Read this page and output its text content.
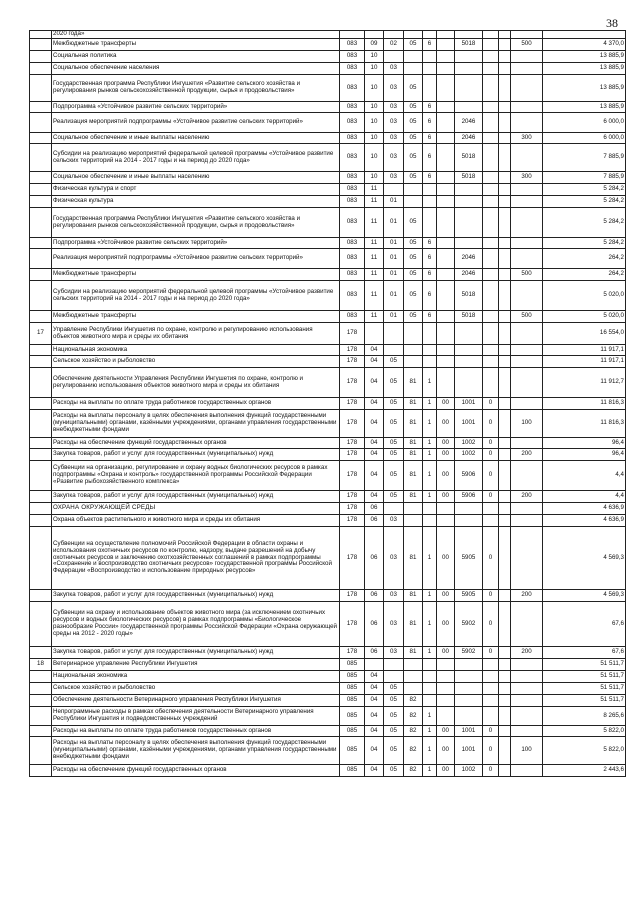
38
	2020 года»											
	Межбюджетные трансферты	083	09	02	05	6		5018			500	4 370,0
	Социальная политика	083	10									13 885,9
	Социальное обеспечение населения	083	10	03								13 885,9
	Государственная программа Республики Ингушетия «Развитие сельского хозяйства и регулирования рынков сельскохозяйственной продукции, сырья и продовольствия»	083	10	03	05							13 885,9
	Подпрограмма «Устойчивое развитие сельских территорий»	083	10	03	05	6						13 885,9
	Реализация мероприятий подпрограммы «Устойчивое развитие сельских территорий»	083	10	03	05	6		2046				6 000,0
	Социальное обеспечение и иные выплаты населению	083	10	03	05	6		2046			300	6 000,0
	Субсидии на реализацию мероприятий федеральной целевой программы «Устойчивое развитие сельских территорий на 2014 - 2017 годы и на период до 2020 года»	083	10	03	05	6		5018				7 885,9
	Социальное обеспечение и иные выплаты населению	083	10	03	05	6		5018			300	7 885,9
	Физическая культура и спорт	083	11									5 284,2
	Физическая культура	083	11	01								5 284,2
	Государственная программа Республики Ингушетия «Развитие сельского хозяйства и регулирования рынков сельскохозяйственной продукции, сырья и продовольствия»	083	11	01	05							5 284,2
	Подпрограмма «Устойчивое развитие сельских территорий»	083	11	01	05	6						5 284,2
	Реализация мероприятий подпрограммы «Устойчивое развитие сельских территорий»	083	11	01	05	6		2046				264,2
	Межбюджетные трансферты	083	11	01	05	6		2046			500	264,2
	Субсидии на реализацию мероприятий федеральной целевой программы «Устойчивое развитие сельских территорий на 2014 - 2017 годы и на период до 2020 года»	083	11	01	05	6		5018				5 020,0
	Межбюджетные трансферты	083	11	01	05	6		5018			500	5 020,0
17	Управление Республики Ингушетия по охране, контролю и регулированию использования объектов животного мира и среды их обитания	178										16 554,0
	Национальная экономика	178	04									11 917,1
	Сельское хозяйство и рыболовство	178	04	05								11 917,1
	Обеспечение деятельности Управления Республики Ингушетия по охране, контролю и регулированию использования объектов животного мира и среды их обитания	178	04	05	81	1						11 912,7
	Расходы на выплаты по оплате труда работников государственных органов	178	04	05	81	1	00	1001	0			11 816,3
	Расходы на выплаты персоналу в целях обеспечения выполнения функций государственными (муниципальными) органами, казёнными учреждениями, органами управления государственными внебюджетными фондами	178	04	05	81	1	00	1001	0		100	11 816,3
	Расходы на обеспечение функций государственных органов	178	04	05	81	1	00	1002	0			96,4
	Закупка товаров, работ и услуг для государственных (муниципальных) нужд	178	04	05	81	1	00	1002	0		200	96,4
	Субвенции на организацию, регулирование и охрану водных биологических ресурсов в рамках подпрограммы «Охрана и контроль» государственной программы Российской Федерации «Развитие рыбохозяйственного комплекса»	178	04	05	81	1	00	5906	0			4,4
	Закупка товаров, работ и услуг для государственных (муниципальных) нужд	178	04	05	81	1	00	5906	0		200	4,4
	ОХРАНА ОКРУЖАЮЩЕЙ СРЕДЫ	178	06									4 636,9
	Охрана объектов растительного и животного мира и среды их обитания	178	06	03								4 636,9
	Субвенции на осуществление полномочий Российской Федерации в области охраны и использования охотничьих ресурсов по контролю, надзору, выдаче разрешений на добычу охотничьих ресурсов и заключению охотхозяйственных соглашений в рамках подпрограммы «Сохранение и воспроизводство охотничьих ресурсов» государственной программы Российской Федерации «Воспроизводство и использование природных ресурсов»	178	06	03	81	1	00	5905	0			4 569,3
	Закупка товаров, работ и услуг для государственных (муниципальных) нужд	178	06	03	81	1	00	5905	0		200	4 569,3
	Субвенции на охрану и использование объектов животного мира (за исключением охотничьих ресурсов и водных биологических ресурсов) в рамках подпрограммы «Биологическое разнообразие России» государственной программы Российской Федерации «Охрана окружающей среды на 2012 - 2020 годы»	178	06	03	81	1	00	5902	0			67,6
	Закупка товаров, работ и услуг для государственных (муниципальных) нужд	178	06	03	81	1	00	5902	0		200	67,6
18	Ветеринарное управление Республики Ингушетия	085										51 511,7
	Национальная экономика	085	04									51 511,7
	Сельское хозяйство и рыболовство	085	04	05								51 511,7
	Обеспечение деятельности Ветеринарного управления Республики Ингушетия	085	04	05	82							51 511,7
	Непрограммные расходы в рамках обеспечения деятельности Ветеринарного управления Республики Ингушетия и подведомственных учреждений	085	04	05	82	1						8 265,6
	Расходы на выплаты по оплате труда работников государственных органов	085	04	05	82	1	00	1001	0			5 822,0
	Расходы на выплаты персоналу в целях обеспечения выполнения функций государственными (муниципальными) органами, казёнными учреждениями, органами управления государственными внебюджетными фондами	085	04	05	82	1	00	1001	0		100	5 822,0
	Расходы на обеспечение функций государственных органов	085	04	05	82	1	00	1002	0			2 443,6
